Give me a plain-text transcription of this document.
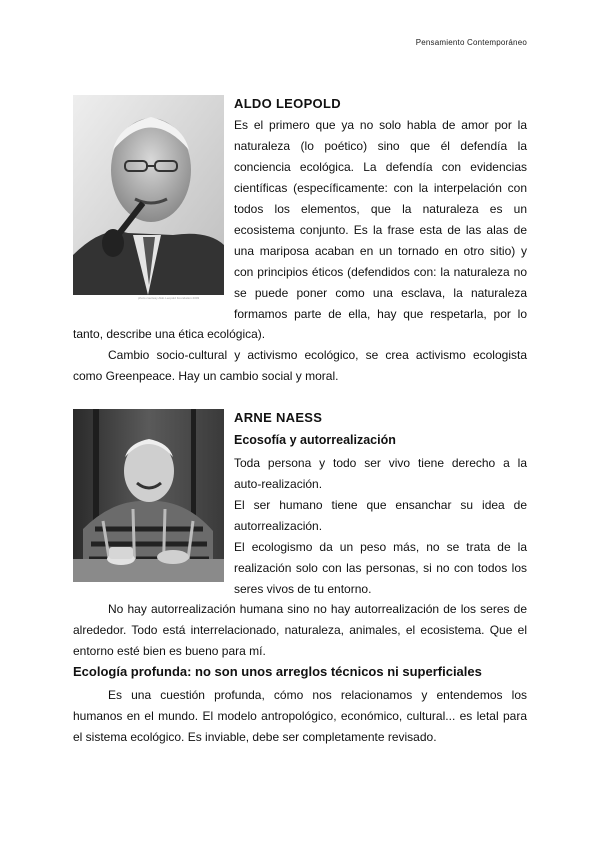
Pensamiento Contemporáneo
photo courtesy Aldo Leopold Foundation 2003
ALDO LEOPOLD
Es el primero que ya no solo habla de amor por la
naturaleza (lo poético) sino que él defendía la
conciencia ecológica. La defendía con evidencias
científicas (específicamente: con la interpelación con
todos los elementos, que la naturaleza es un
ecosistema conjunto. Es la frase esta de las alas de
una mariposa acaban en un tornado en otro sitio) y
con principios éticos (defendidos con: la naturaleza no
se puede poner como una esclava, la naturaleza
formamos parte de ella, hay que respetarla, por lo
tanto, describe una ética ecológica).
Cambio socio-cultural y activismo ecológico, se crea activismo ecologista
como Greenpeace. Hay un cambio social y moral.
ARNE NAESS
Ecosofía y autorrealización
Toda persona y todo ser vivo tiene derecho a la
auto-realización.
El ser humano tiene que ensanchar su idea de
autorrealización.
El ecologismo da un peso más, no se trata de la
realización solo con las personas, si no con todos los
seres vivos de tu entorno.
No hay autorrealización humana sino no hay autorrealización de los seres de
alrededor. Todo está interrelacionado, naturaleza, animales, el ecosistema. Que el
entorno esté bien es bueno para mí.
Ecología profunda: no son unos arreglos técnicos ni superficiales
Es una cuestión profunda, cómo nos relacionamos y entendemos los
humanos en el mundo. El modelo antropológico, económico, cultural... es letal para
el sistema ecológico. Es inviable, debe ser completamente revisado.
